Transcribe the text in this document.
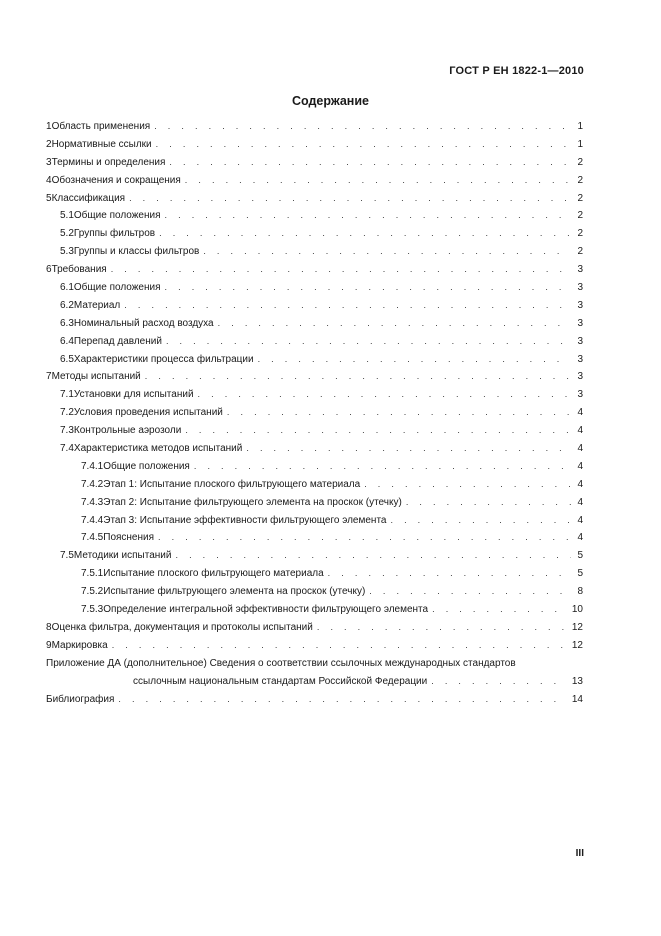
ГОСТ Р ЕН 1822-1—2010
Содержание
1 Область применения . . .	1
2 Нормативные ссылки . . .	1
3 Термины и определения . . .	2
4 Обозначения и сокращения . . .	2
5 Классификация . . .	2
5.1 Общие положения . . .	2
5.2 Группы фильтров . . .	2
5.3 Группы и классы фильтров . . .	2
6 Требования . . .	3
6.1 Общие положения . . .	3
6.2 Материал . . .	3
6.3 Номинальный расход воздуха . . .	3
6.4 Перепад давлений . . .	3
6.5 Характеристики процесса фильтрации . . .	3
7 Методы испытаний . . .	3
7.1 Установки для испытаний . . .	3
7.2 Условия проведения испытаний . . .	4
7.3 Контрольные аэрозоли . . .	4
7.4 Характеристика методов испытаний . . .	4
7.4.1 Общие положения . . .	4
7.4.2 Этап 1: Испытание плоского фильтрующего материала . . .	4
7.4.3 Этап 2: Испытание фильтрующего элемента на проскок (утечку) . . .	4
7.4.4 Этап 3: Испытание эффективности фильтрующего элемента . . .	4
7.4.5 Пояснения . . .	4
7.5 Методики испытаний . . .	5
7.5.1 Испытание плоского фильтрующего материала . . .	5
7.5.2 Испытание фильтрующего элемента на проскок (утечку) . . .	8
7.5.3 Определение интегральной эффективности фильтрующего элемента . . .	10
8 Оценка фильтра, документация и протоколы испытаний . . .	12
9 Маркировка . . .	12
Приложение ДА (дополнительное) Сведения о соответствии ссылочных международных стандартов
ссылочным национальным стандартам Российской Федерации . . .	13
Библиография . . .	14
III
